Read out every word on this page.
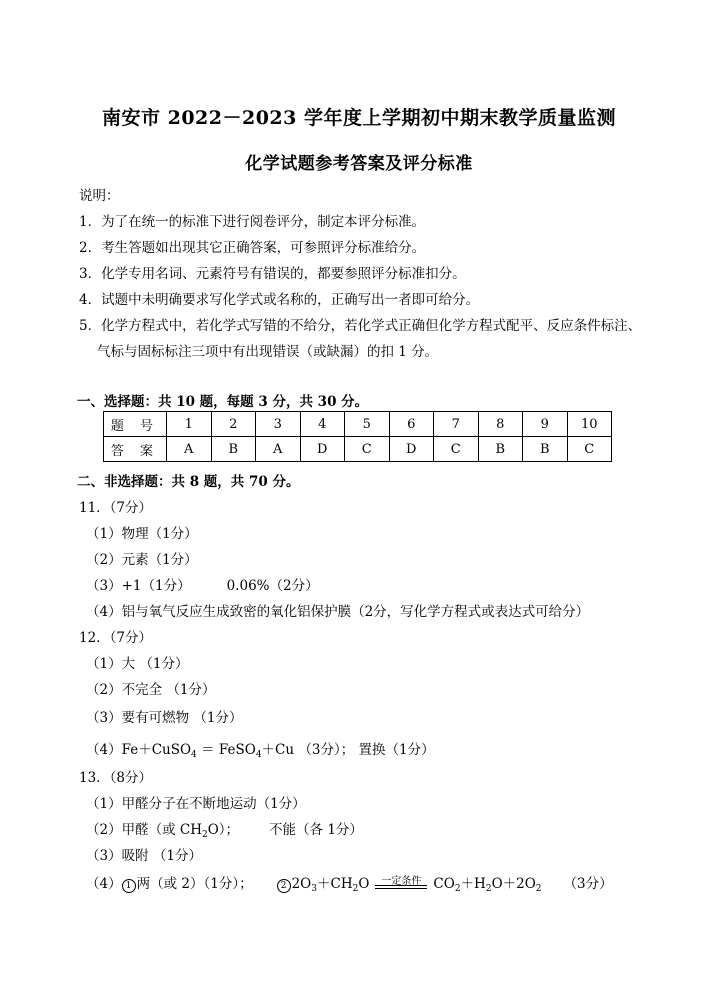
南安市 2022－2023 学年度上学期初中期末教学质量监测
化学试题参考答案及评分标准
说明：
1．为了在统一的标准下进行阅卷评分，制定本评分标准。
2．考生答题如出现其它正确答案，可参照评分标准给分。
3．化学专用名词、元素符号有错误的，都要参照评分标准扣分。
4．试题中未明确要求写化学式或名称的，正确写出一者即可给分。
5．化学方程式中，若化学式写错的不给分，若化学式正确但化学方程式配平、反应条件标注、
气标与固标标注三项中有出现错误（或缺漏）的扣 1 分。
一、选择题：共 10 题，每题 3 分，共 30 分。
题 号	1	2	3	4	5	6	7	8	9	10
答 案	A	B	A	D	C	D	C	B	B	C
二、非选择题：共 8 题，共 70 分。
11．（7分）
（1）物理（1分）
（2）元素（1分）
（3）+1（1分）	0.06%（2分）
（4）铝与氧气反应生成致密的氧化铝保护膜（2分，写化学方程式或表达式可给分）
12．（7分）
（1）大 （1分）
（2）不完全 （1分）
（3）要有可燃物 （1分）
（4）Fe＋CuSO$_4$ ＝ FeSO$_4$＋Cu （3分）； 置换（1分）
13．（8分）
（1）甲醛分子在不断地运动（1分）
（2）甲醛（或 $CH_2O$）； 不能（各 1分）
（3）吸附 （1分）
（4） 1 两（或 2）（1分）；	2 $2O_3+CH_2O$	一定条件 $CO_2+H_2O+2O_2$ （3分）
